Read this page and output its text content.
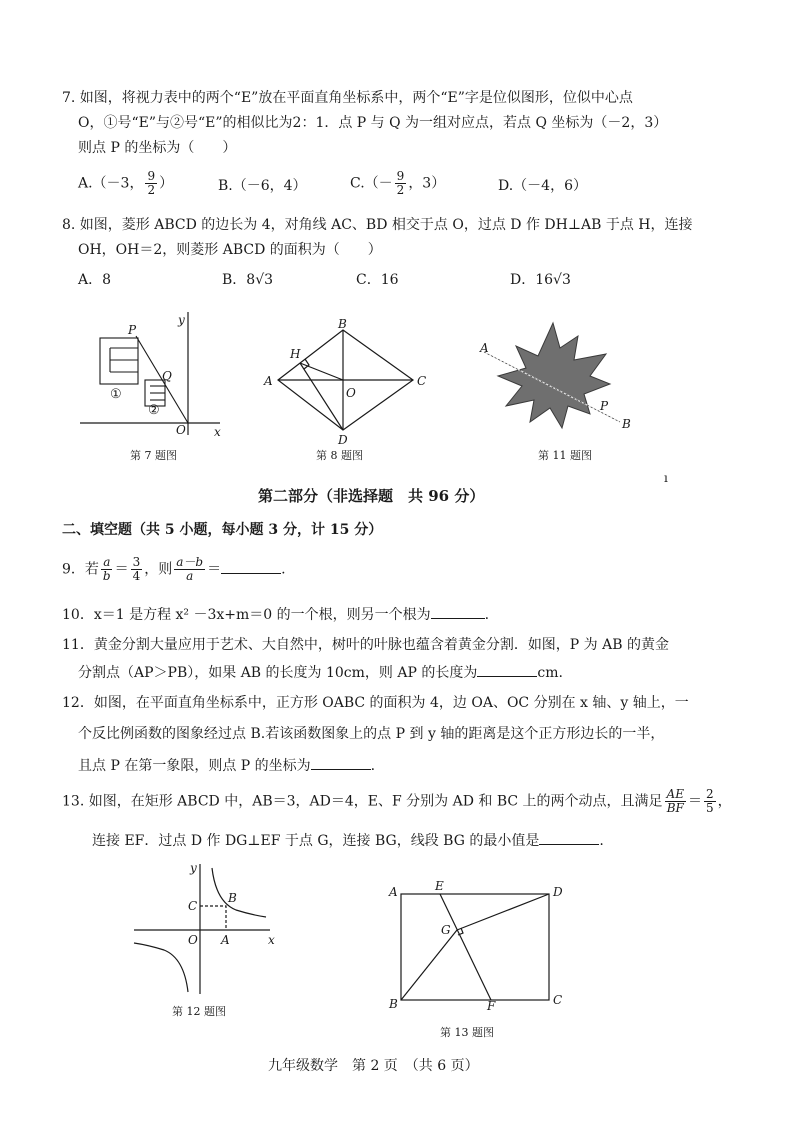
7. 如图，将视力表中的两个“E”放在平面直角坐标系中，两个“E”字是位似图形，位似中心点
O，①号“E”与②号“E”的相似比为2：1．点 P 与 Q 为一组对应点，若点 Q 坐标为（－2，3）
则点 P 的坐标为（　　）
A.（－3， $\frac{9}{2}$ ）	B.（－6，4）	$C.(- \frac{9}{2}$ ，3）	D.（－4，6）
8. 如图，菱形 ABCD 的边长为 4，对角线 AC、BD 相交于点 O，过点 D 作 DH⊥AB 于点 H，连接
OH，OH＝2，则菱形 ABCD 的面积为（　　）
A．8	B．8√3	C．16	D．16√3
P
Q
y
x
O
①
②
第 7 题图
A
B
C
D
H
O
第 8 题图
A
P
B
第 11 题图
ı
第二部分（非选择题　共 96 分）
二、填空题（共 5 小题，每小题 3 分，计 15 分）
9．若 $\frac{a}{b} = \frac{3}{4}$ ，则 $\frac{a-b}{a}$ ＝	.
10．x＝1 是方程 x² －3x+m＝0 的一个根，则另一个根为	.
11．黄金分割大量应用于艺术、大自然中，树叶的叶脉也蕴含着黄金分割．如图，P 为 AB 的黄金
分割点（AP＞PB），如果 AB 的长度为 10cm，则 AP 的长度为	cm.
12．如图，在平面直角坐标系中，正方形 OABC 的面积为 4，边 OA、OC 分别在 x 轴、y 轴上，一
个反比例函数的图象经过点 B.若该函数图象上的点 P 到 y 轴的距离是这个正方形边长的一半，
且点 P 在第一象限，则点 P 的坐标为	.
13. 如图，在矩形 ABCD 中，AB＝3，AD＝4，E、F 分别为 AD 和 BC 上的两个动点，且满足 $\frac{AE}{BF} = \frac{2}{5}$ ，
连接 EF．过点 D 作 DG⊥EF 于点 G，连接 BG，线段 BG 的最小值是	.
y
x
O A
B
C
第 12 题图
A	E	D
G
B	F	C
第 13 题图
九年级数学　第 2 页　（共 6 页）
